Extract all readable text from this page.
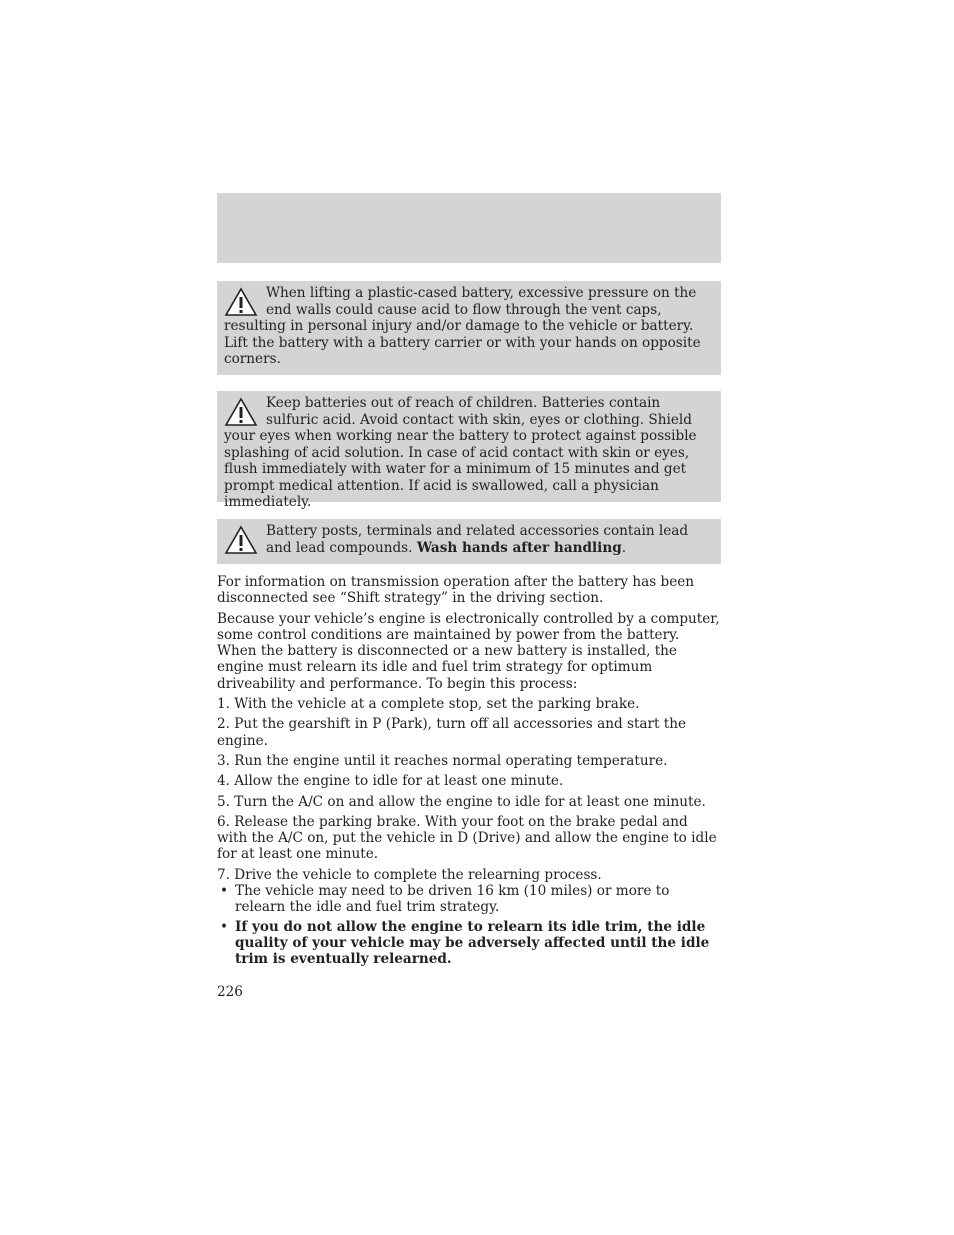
When lifting a plastic-cased battery, excessive pressure on the end walls could cause acid to flow through the vent caps, resulting in personal injury and/or damage to the vehicle or battery. Lift the battery with a battery carrier or with your hands on opposite corners.
Keep batteries out of reach of children. Batteries contain sulfuric acid. Avoid contact with skin, eyes or clothing. Shield your eyes when working near the battery to protect against possible splashing of acid solution. In case of acid contact with skin or eyes, flush immediately with water for a minimum of 15 minutes and get prompt medical attention. If acid is swallowed, call a physician immediately.
Battery posts, terminals and related accessories contain lead and lead compounds. Wash hands after handling.

For information on transmission operation after the battery has been disconnected see “Shift strategy” in the driving section.

Because your vehicle’s engine is electronically controlled by a computer, some control conditions are maintained by power from the battery. When the battery is disconnected or a new battery is installed, the engine must relearn its idle and fuel trim strategy for optimum driveability and performance. To begin this process:

1. With the vehicle at a complete stop, set the parking brake.

2. Put the gearshift in P (Park), turn off all accessories and start the engine.

3. Run the engine until it reaches normal operating temperature.

4. Allow the engine to idle for at least one minute.

5. Turn the A/C on and allow the engine to idle for at least one minute.

6. Release the parking brake. With your foot on the brake pedal and with the A/C on, put the vehicle in D (Drive) and allow the engine to idle for at least one minute.

7. Drive the vehicle to complete the relearning process.

• The vehicle may need to be driven 16 km (10 miles) or more to relearn the idle and fuel trim strategy.

• If you do not allow the engine to relearn its idle trim, the idle quality of your vehicle may be adversely affected until the idle trim is eventually relearned.

226
